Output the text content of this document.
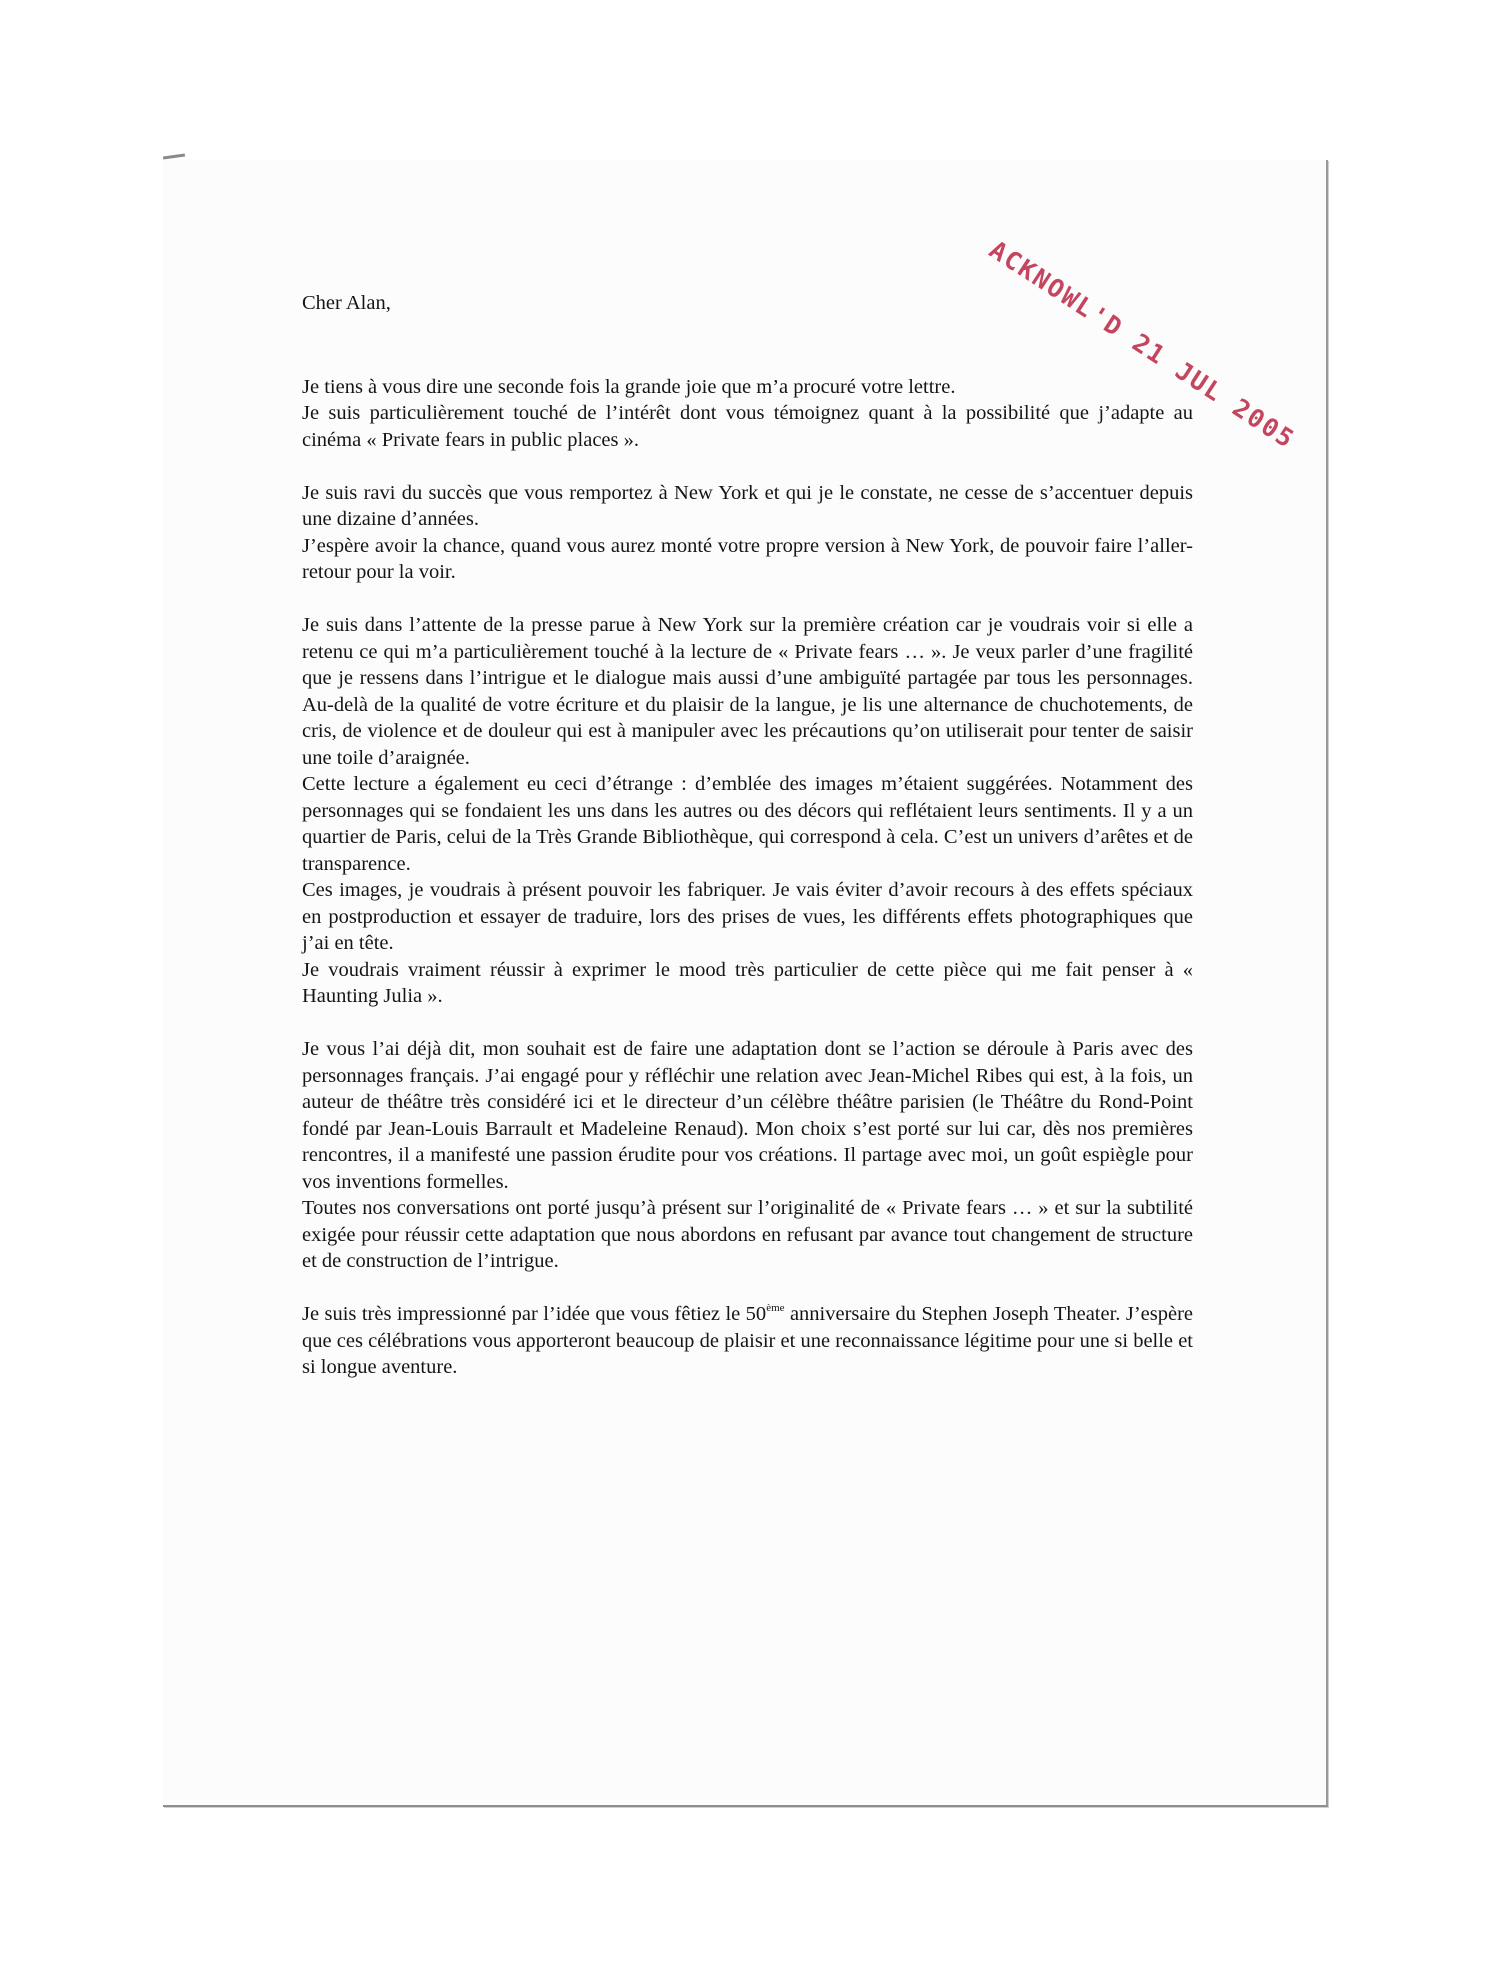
ACKNOWL'D 21 JUL 2005

Cher Alan,

Je tiens à vous dire une seconde fois la grande joie que m’a procuré votre lettre.
Je suis particulièrement touché de l’intérêt dont vous témoignez quant à la possibilité que j’adapte au cinéma « Private fears in public places ».

Je suis ravi du succès que vous remportez à New York et qui je le constate, ne cesse de s’accentuer depuis une dizaine d’années.
J’espère avoir la chance, quand vous aurez monté votre propre version à New York, de pouvoir faire l’aller-retour pour la voir.

Je suis dans l’attente de la presse parue à New York sur la première création car je voudrais voir si elle a retenu ce qui m’a particulièrement touché à la lecture de « Private fears … ». Je veux parler d’une fragilité que je ressens dans l’intrigue et le dialogue mais aussi d’une ambiguïté partagée par tous les personnages. Au-delà de la qualité de votre écriture et du plaisir de la langue, je lis une alternance de chuchotements, de cris, de violence et de douleur qui est à manipuler avec les précautions qu’on utiliserait pour tenter de saisir une toile d’araignée.
Cette lecture a également eu ceci d’étrange : d’emblée des images m’étaient suggérées. Notamment des personnages qui se fondaient les uns dans les autres ou des décors qui reflétaient leurs sentiments. Il y a un quartier de Paris, celui de la Très Grande Bibliothèque, qui correspond à cela. C’est un univers d’arêtes et de transparence.
Ces images, je voudrais à présent pouvoir les fabriquer. Je vais éviter d’avoir recours à des effets spéciaux en postproduction et essayer de traduire, lors des prises de vues, les différents effets photographiques que j’ai en tête.
Je voudrais vraiment réussir à exprimer le mood très particulier de cette pièce qui me fait penser à « Haunting Julia ».

Je vous l’ai déjà dit, mon souhait est de faire une adaptation dont se l’action se déroule à Paris avec des personnages français. J’ai engagé pour y réfléchir une relation avec Jean-Michel Ribes qui est, à la fois, un auteur de théâtre très considéré ici et le directeur d’un célèbre théâtre parisien (le Théâtre du Rond-Point fondé par Jean-Louis Barrault et Madeleine Renaud). Mon choix s’est porté sur lui car, dès nos premières rencontres, il a manifesté une passion érudite pour vos créations. Il partage avec moi, un goût espiègle pour vos inventions formelles.
Toutes nos conversations ont porté jusqu’à présent sur l’originalité de « Private fears … » et sur la subtilité exigée pour réussir cette adaptation que nous abordons en refusant par avance tout changement de structure et de construction de l’intrigue.

Je suis très impressionné par l’idée que vous fêtiez le 50ème anniversaire du Stephen Joseph Theater. J’espère que ces célébrations vous apporteront beaucoup de plaisir et une reconnaissance légitime pour une si belle et si longue aventure.
